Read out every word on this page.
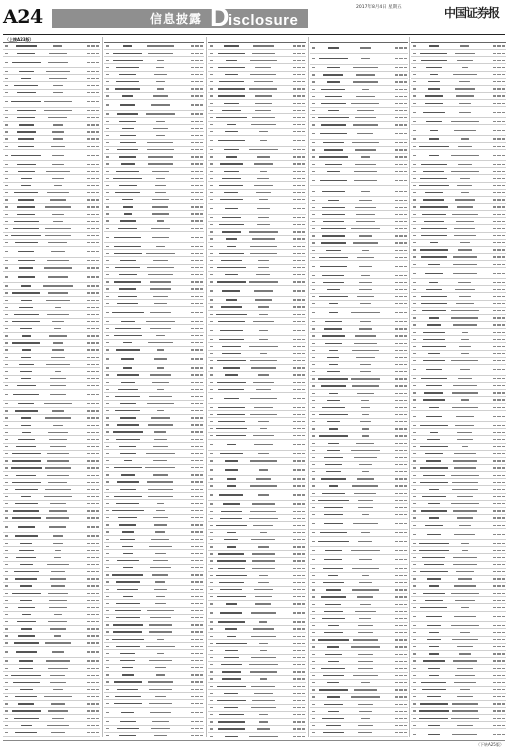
A24	信息披露 D
isclosure
2017年8月4日 星期五	中国证券报
（上接A23版）
（下转A25版）
